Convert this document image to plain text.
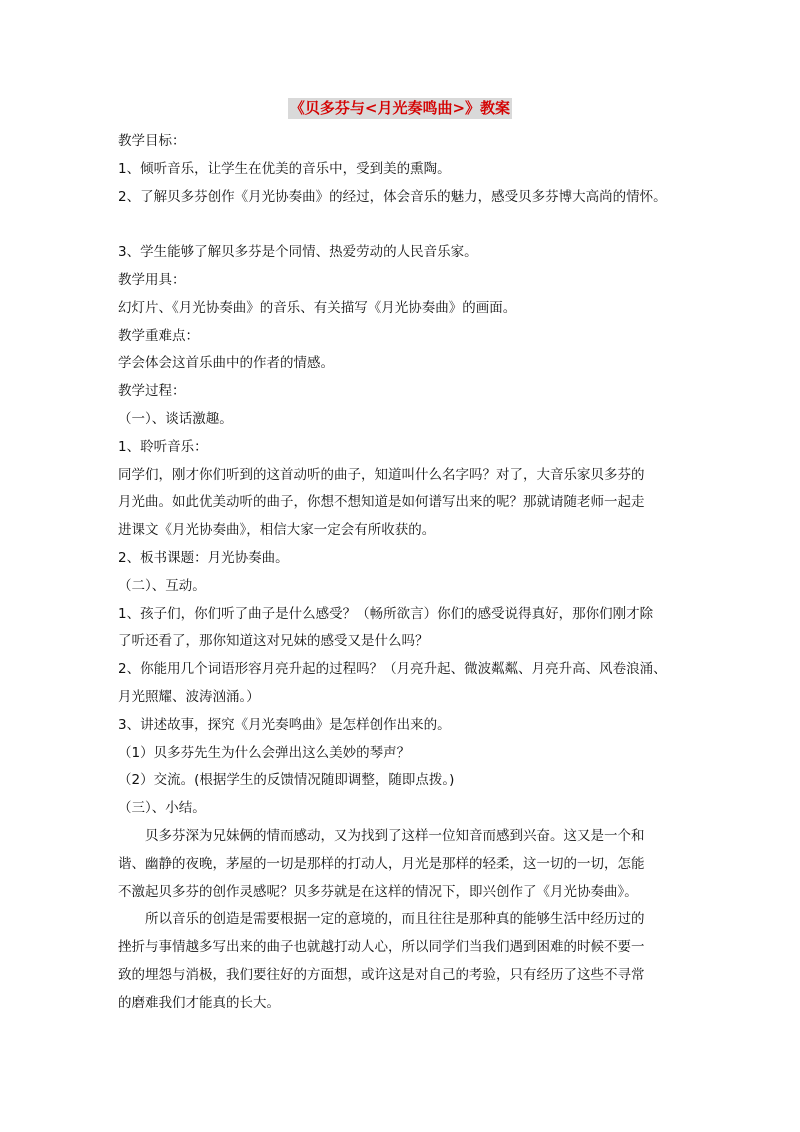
《贝多芬与<月光奏鸣曲>》教案
教学目标：
1、倾听音乐，让学生在优美的音乐中，受到美的熏陶。
2、了解贝多芬创作《月光协奏曲》的经过，体会音乐的魅力，感受贝多芬博大高尚的情怀。
3、学生能够了解贝多芬是个同情、热爱劳动的人民音乐家。
教学用具：
幻灯片、《月光协奏曲》的音乐、有关描写《月光协奏曲》的画面。
教学重难点：
学会体会这首乐曲中的作者的情感。
教学过程：
（一）、谈话激趣。
1、聆听音乐：
同学们，刚才你们听到的这首动听的曲子，知道叫什么名字吗？对了，大音乐家贝多芬的
月光曲。如此优美动听的曲子，你想不想知道是如何谱写出来的呢？那就请随老师一起走
进课文《月光协奏曲》，相信大家一定会有所收获的。
2、板书课题：月光协奏曲。
（二）、互动。
1、孩子们，你们听了曲子是什么感受？（畅所欲言）你们的感受说得真好，那你们刚才除
了听还看了，那你知道这对兄妹的感受又是什么吗？
2、你能用几个词语形容月亮升起的过程吗？（月亮升起、微波粼粼、月亮升高、风卷浪涌、
月光照耀、波涛汹涌。）
3、讲述故事，探究《月光奏鸣曲》是怎样创作出来的。
（1）贝多芬先生为什么会弹出这么美妙的琴声？
（2）交流。(根据学生的反馈情况随即调整，随即点拨。)
（三）、小结。
贝多芬深为兄妹俩的情而感动，又为找到了这样一位知音而感到兴奋。这又是一个和
谐、幽静的夜晚，茅屋的一切是那样的打动人，月光是那样的轻柔，这一切的一切，怎能
不激起贝多芬的创作灵感呢？贝多芬就是在这样的情况下，即兴创作了《月光协奏曲》。
所以音乐的创造是需要根据一定的意境的，而且往往是那种真的能够生活中经历过的
挫折与事情越多写出来的曲子也就越打动人心，所以同学们当我们遇到困难的时候不要一
致的埋怨与消极，我们要往好的方面想，或许这是对自己的考验，只有经历了这些不寻常
的磨难我们才能真的长大。
